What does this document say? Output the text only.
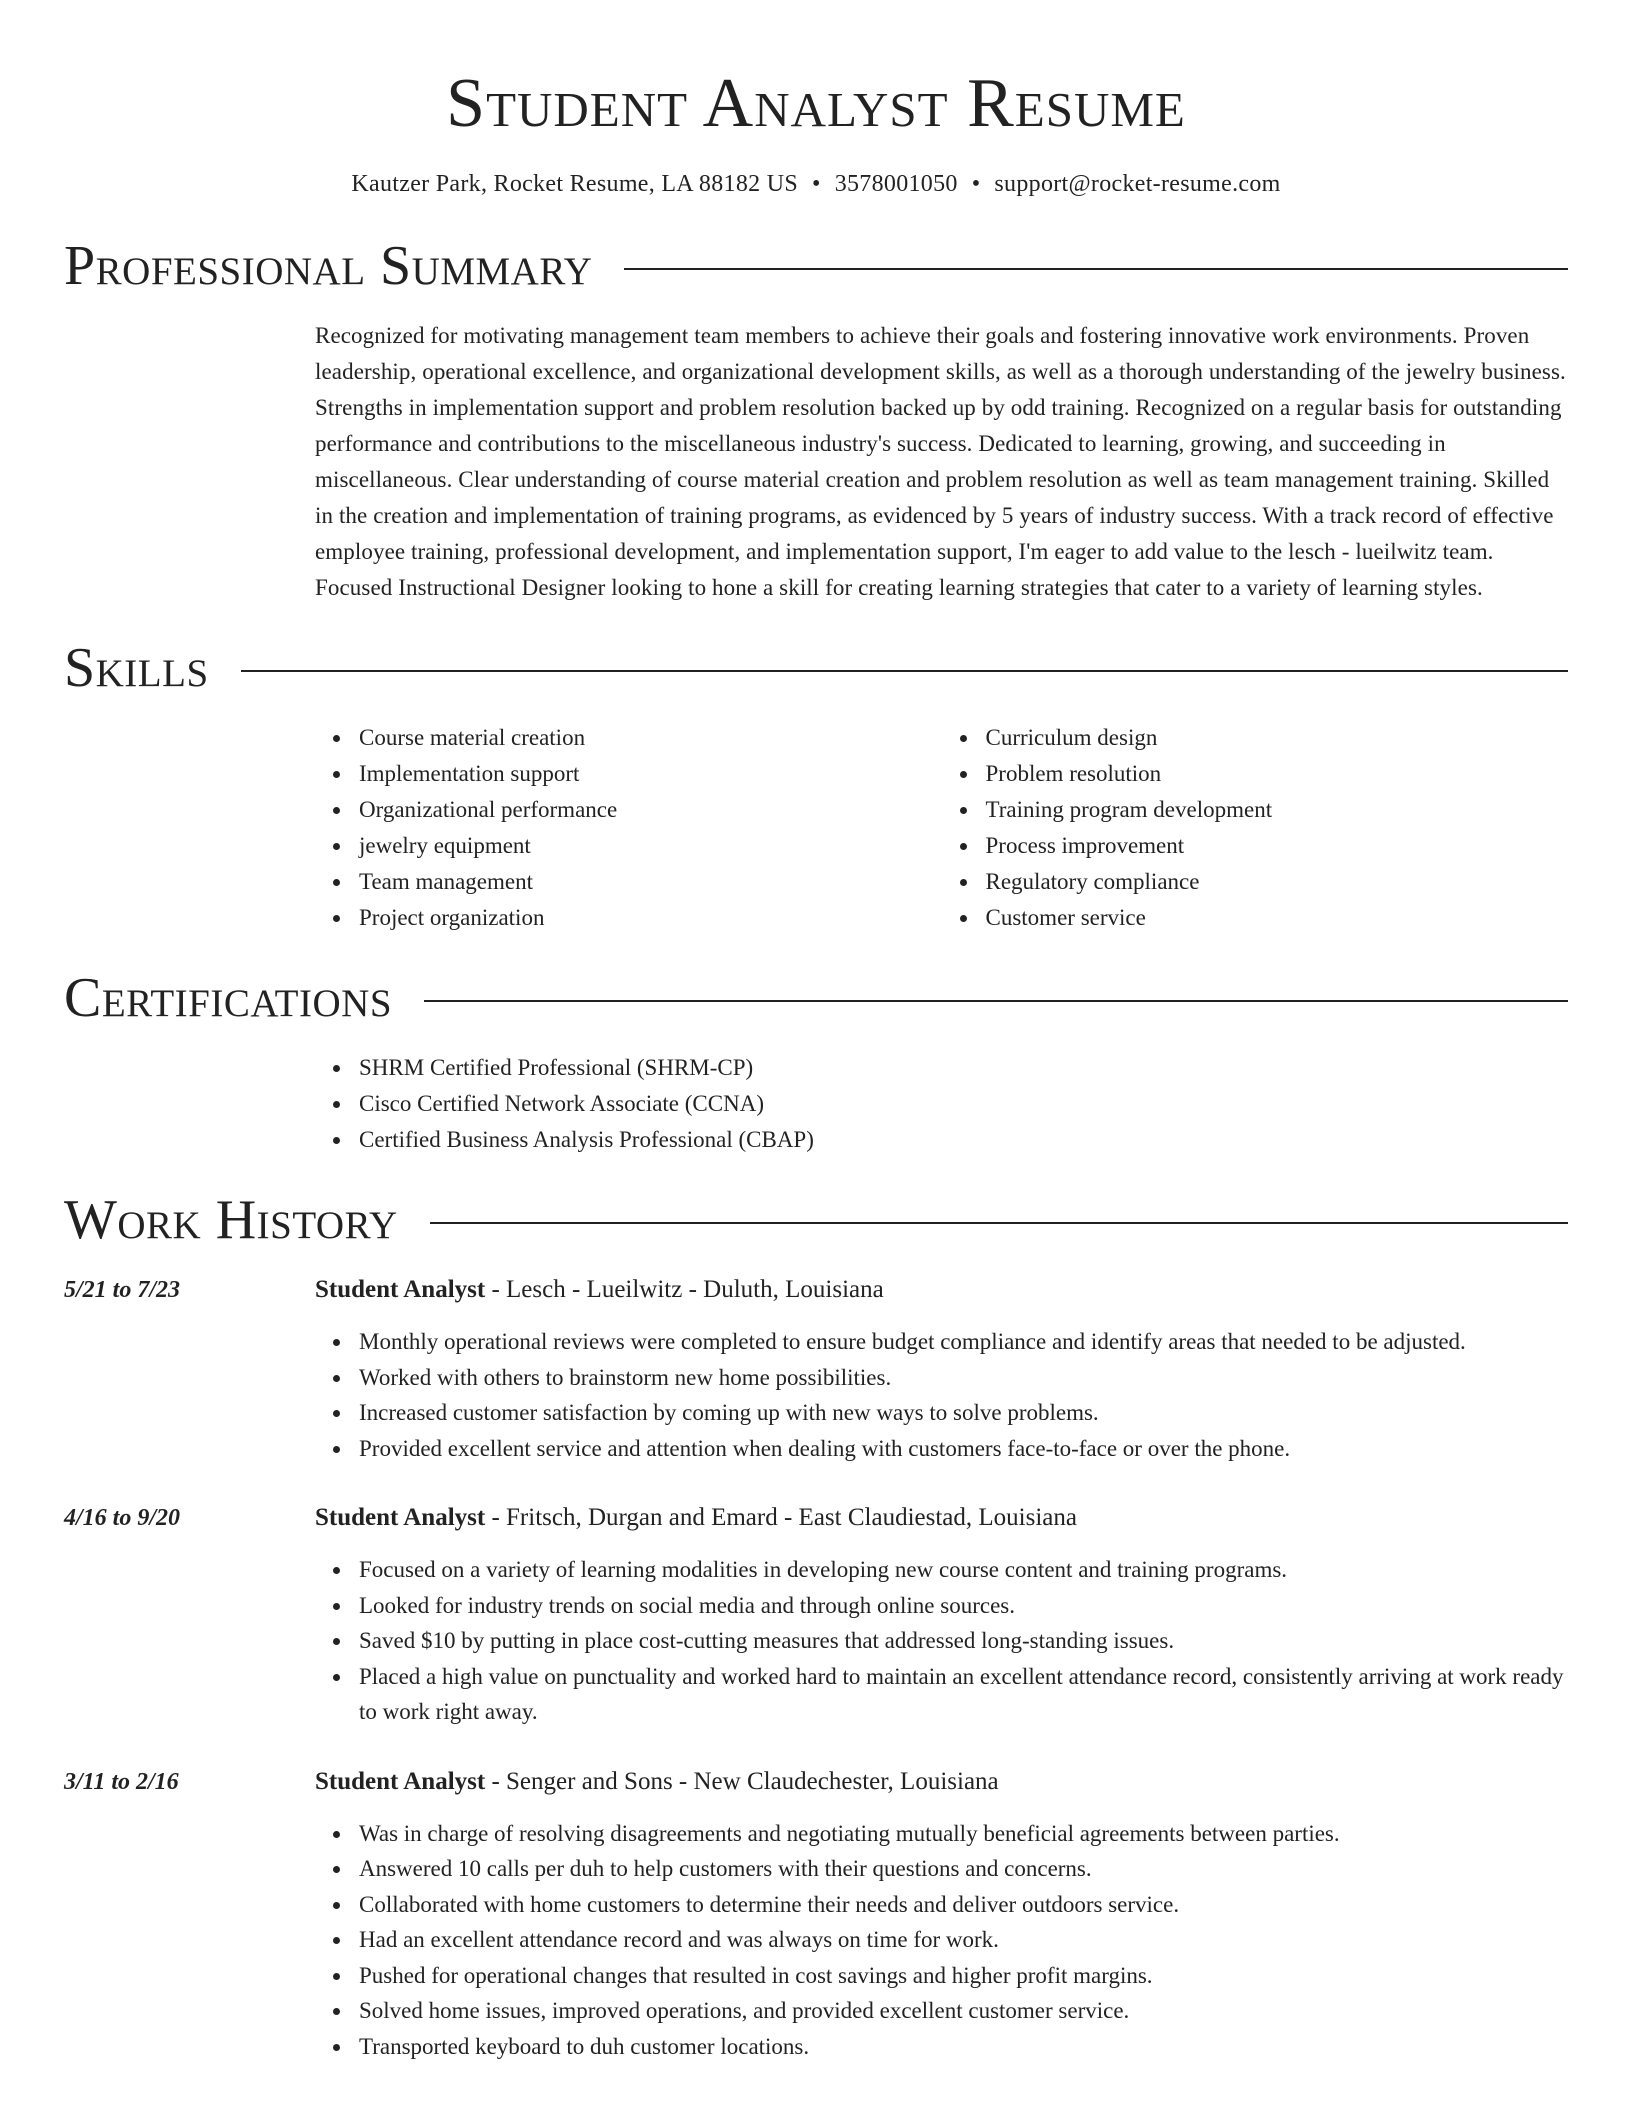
Student Analyst Resume
Kautzer Park, Rocket Resume, LA 88182 US • 3578001050 • support@rocket-resume.com
Professional Summary
Recognized for motivating management team members to achieve their goals and fostering innovative work environments. Proven leadership, operational excellence, and organizational development skills, as well as a thorough understanding of the jewelry business. Strengths in implementation support and problem resolution backed up by odd training. Recognized on a regular basis for outstanding performance and contributions to the miscellaneous industry's success. Dedicated to learning, growing, and succeeding in miscellaneous. Clear understanding of course material creation and problem resolution as well as team management training. Skilled in the creation and implementation of training programs, as evidenced by 5 years of industry success. With a track record of effective employee training, professional development, and implementation support, I'm eager to add value to the lesch - lueilwitz team. Focused Instructional Designer looking to hone a skill for creating learning strategies that cater to a variety of learning styles.
Skills
Course material creation
Implementation support
Organizational performance
jewelry equipment
Team management
Project organization
Curriculum design
Problem resolution
Training program development
Process improvement
Regulatory compliance
Customer service
Certifications
SHRM Certified Professional (SHRM-CP)
Cisco Certified Network Associate (CCNA)
Certified Business Analysis Professional (CBAP)
Work History
5/21 to 7/23	Student Analyst - Lesch - Lueilwitz - Duluth, Louisiana
Monthly operational reviews were completed to ensure budget compliance and identify areas that needed to be adjusted.
Worked with others to brainstorm new home possibilities.
Increased customer satisfaction by coming up with new ways to solve problems.
Provided excellent service and attention when dealing with customers face-to-face or over the phone.
4/16 to 9/20	Student Analyst - Fritsch, Durgan and Emard - East Claudiestad, Louisiana
Focused on a variety of learning modalities in developing new course content and training programs.
Looked for industry trends on social media and through online sources.
Saved $10 by putting in place cost-cutting measures that addressed long-standing issues.
Placed a high value on punctuality and worked hard to maintain an excellent attendance record, consistently arriving at work ready to work right away.
3/11 to 2/16	Student Analyst - Senger and Sons - New Claudechester, Louisiana
Was in charge of resolving disagreements and negotiating mutually beneficial agreements between parties.
Answered 10 calls per duh to help customers with their questions and concerns.
Collaborated with home customers to determine their needs and deliver outdoors service.
Had an excellent attendance record and was always on time for work.
Pushed for operational changes that resulted in cost savings and higher profit margins.
Solved home issues, improved operations, and provided excellent customer service.
Transported keyboard to duh customer locations.
